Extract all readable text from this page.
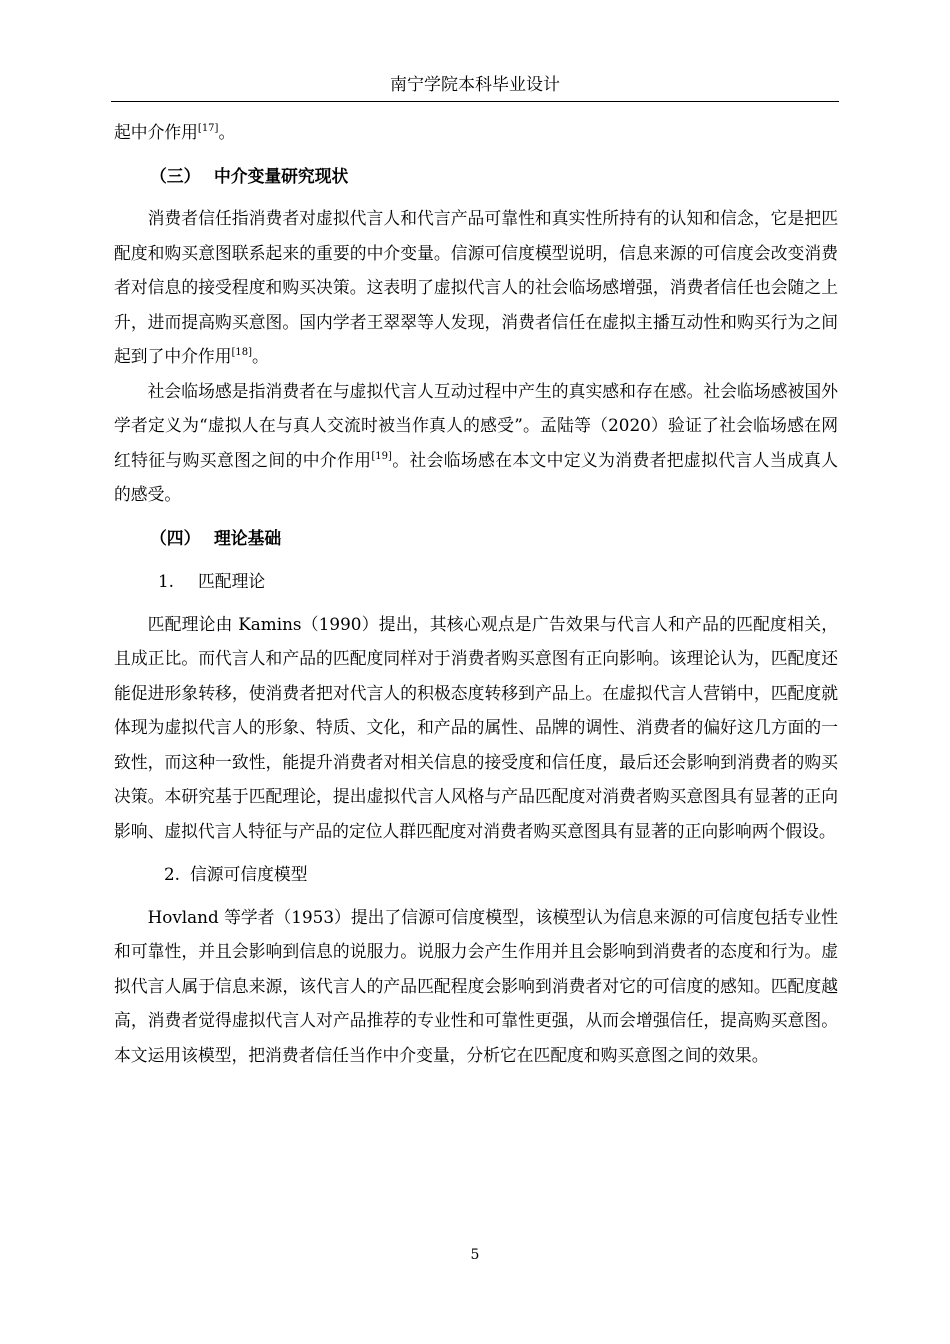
南宁学院本科毕业设计

起中介作用[17]。

（三） 中介变量研究现状

消费者信任指消费者对虚拟代言人和代言产品可靠性和真实性所持有的认知和信念，它是把匹配度和购买意图联系起来的重要的中介变量。信源可信度模型说明，信息来源的可信度会改变消费者对信息的接受程度和购买决策。这表明了虚拟代言人的社会临场感增强，消费者信任也会随之上升，进而提高购买意图。国内学者王翠翠等人发现，消费者信任在虚拟主播互动性和购买行为之间起到了中介作用[18]。

社会临场感是指消费者在与虚拟代言人互动过程中产生的真实感和存在感。社会临场感被国外学者定义为“虚拟人在与真人交流时被当作真人的感受”。孟陆等（2020）验证了社会临场感在网红特征与购买意图之间的中介作用[19]。社会临场感在本文中定义为消费者把虚拟代言人当成真人的感受。

（四） 理论基础
1. 匹配理论

匹配理论由 Kamins（1990）提出，其核心观点是广告效果与代言人和产品的匹配度相关，且成正比。而代言人和产品的匹配度同样对于消费者购买意图有正向影响。该理论认为，匹配度还能促进形象转移，使消费者把对代言人的积极态度转移到产品上。在虚拟代言人营销中，匹配度就体现为虚拟代言人的形象、特质、文化，和产品的属性、品牌的调性、消费者的偏好这几方面的一致性，而这种一致性，能提升消费者对相关信息的接受度和信任度，最后还会影响到消费者的购买决策。本研究基于匹配理论，提出虚拟代言人风格与产品匹配度对消费者购买意图具有显著的正向影响、虚拟代言人特征与产品的定位人群匹配度对消费者购买意图具有显著的正向影响两个假设。

2. 信源可信度模型

Hovland 等学者（1953）提出了信源可信度模型，该模型认为信息来源的可信度包括专业性和可靠性，并且会影响到信息的说服力。说服力会产生作用并且会影响到消费者的态度和行为。虚拟代言人属于信息来源，该代言人的产品匹配程度会影响到消费者对它的可信度的感知。匹配度越高，消费者觉得虚拟代言人对产品推荐的专业性和可靠性更强，从而会增强信任，提高购买意图。本文运用该模型，把消费者信任当作中介变量，分析它在匹配度和购买意图之间的效果。

5
